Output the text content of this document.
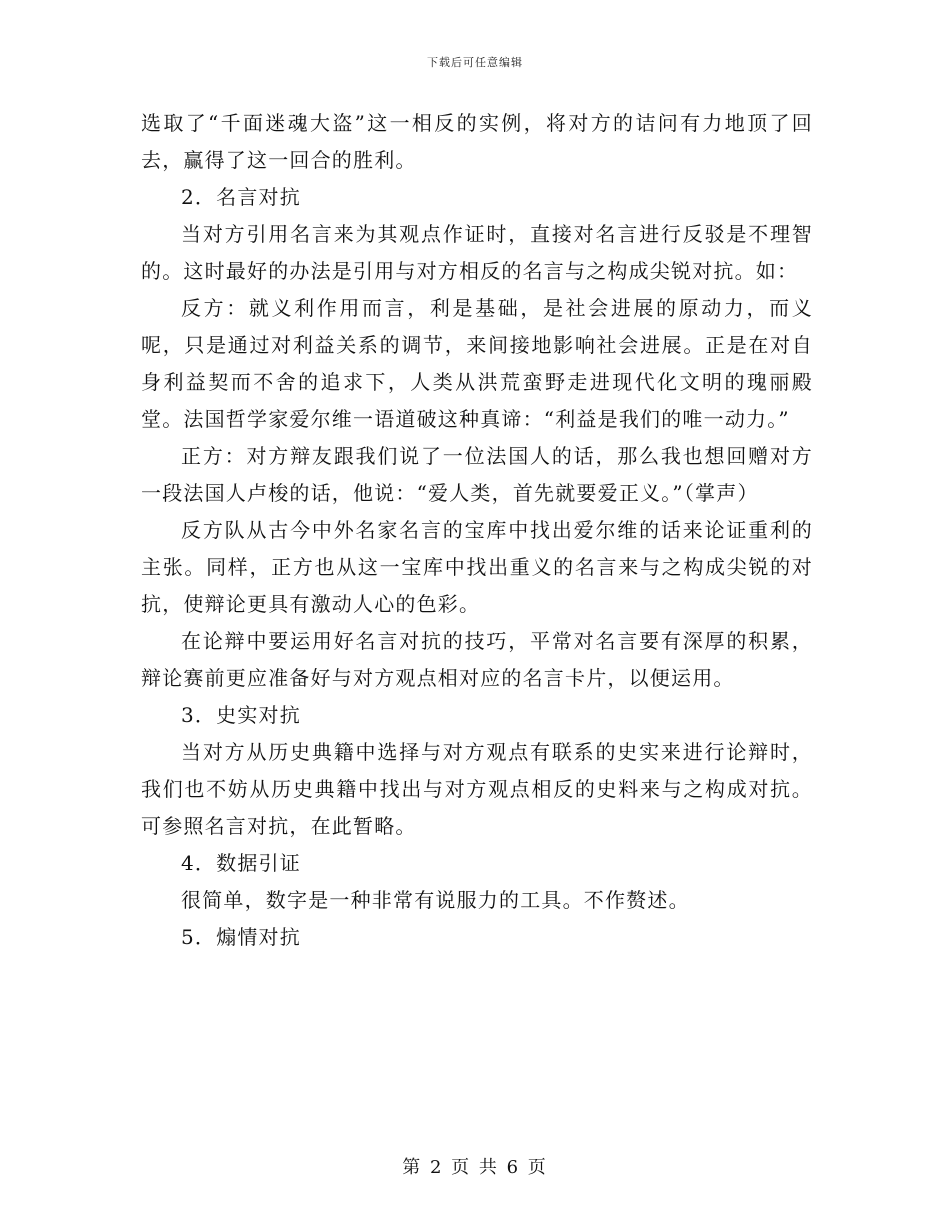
下载后可任意编辑

选取了“千面迷魂大盗”这一相反的实例，将对方的诘问有力地顶了回去，赢得了这一回合的胜利。

2．名言对抗

当对方引用名言来为其观点作证时，直接对名言进行反驳是不理智的。这时最好的办法是引用与对方相反的名言与之构成尖锐对抗。如：

反方：就义利作用而言，利是基础，是社会进展的原动力，而义呢，只是通过对利益关系的调节，来间接地影响社会进展。正是在对自身利益契而不舍的追求下，人类从洪荒蛮野走进现代化文明的瑰丽殿堂。法国哲学家爱尔维一语道破这种真谛：“利益是我们的唯一动力。”

正方：对方辩友跟我们说了一位法国人的话，那么我也想回赠对方一段法国人卢梭的话，他说：“爱人类，首先就要爱正义。”（掌声）

反方队从古今中外名家名言的宝库中找出爱尔维的话来论证重利的主张。同样，正方也从这一宝库中找出重义的名言来与之构成尖锐的对抗，使辩论更具有激动人心的色彩。

在论辩中要运用好名言对抗的技巧，平常对名言要有深厚的积累，辩论赛前更应准备好与对方观点相对应的名言卡片，以便运用。

3．史实对抗

当对方从历史典籍中选择与对方观点有联系的史实来进行论辩时，我们也不妨从历史典籍中找出与对方观点相反的史料来与之构成对抗。可参照名言对抗，在此暂略。

4．数据引证

很简单，数字是一种非常有说服力的工具。不作赘述。

5．煽情对抗

第 2 页 共 6 页
